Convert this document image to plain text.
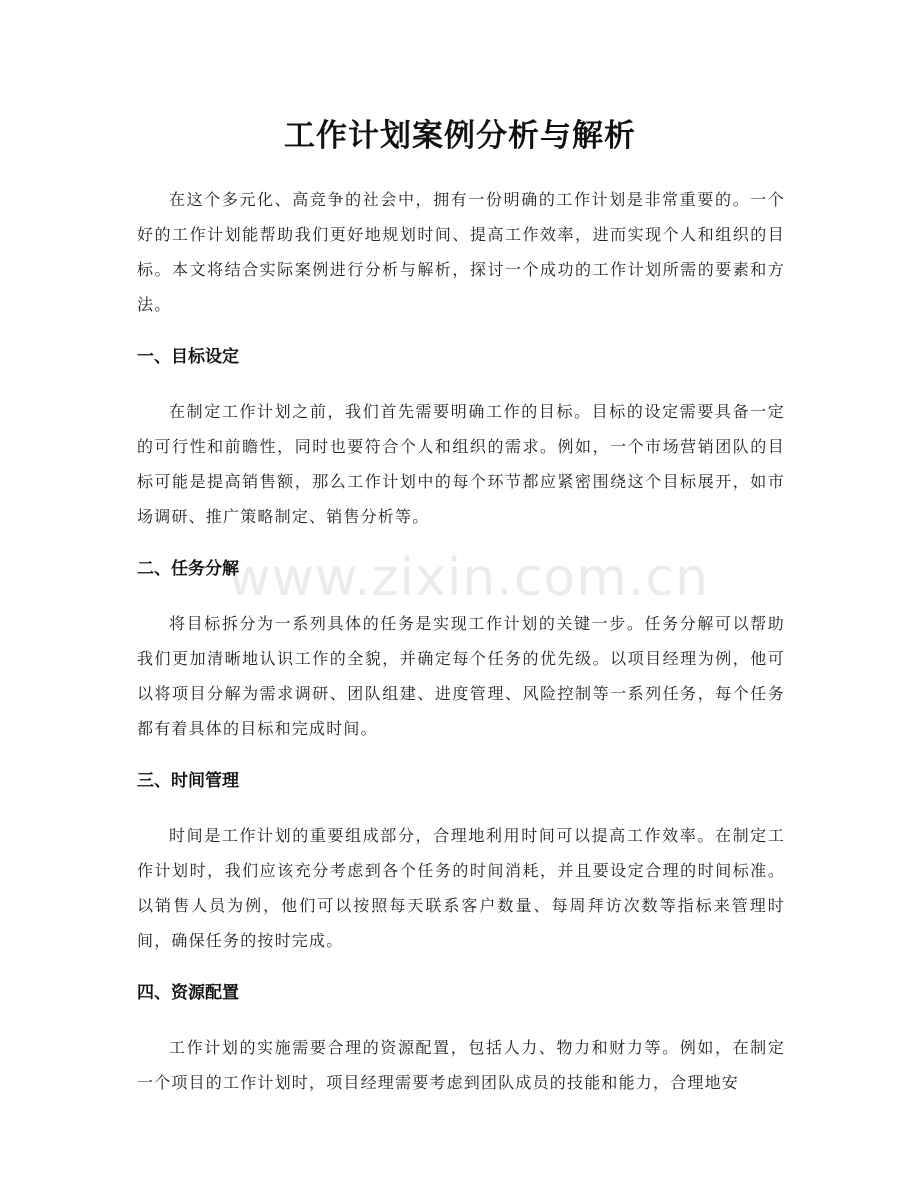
工作计划案例分析与解析

在这个多元化、高竞争的社会中，拥有一份明确的工作计划是非常重要的。一个好的工作计划能帮助我们更好地规划时间、提高工作效率，进而实现个人和组织的目标。本文将结合实际案例进行分析与解析，探讨一个成功的工作计划所需的要素和方法。

一、目标设定

在制定工作计划之前，我们首先需要明确工作的目标。目标的设定需要具备一定的可行性和前瞻性，同时也要符合个人和组织的需求。例如，一个市场营销团队的目标可能是提高销售额，那么工作计划中的每个环节都应紧密围绕这个目标展开，如市场调研、推广策略制定、销售分析等。

二、任务分解

将目标拆分为一系列具体的任务是实现工作计划的关键一步。任务分解可以帮助我们更加清晰地认识工作的全貌，并确定每个任务的优先级。以项目经理为例，他可以将项目分解为需求调研、团队组建、进度管理、风险控制等一系列任务，每个任务都有着具体的目标和完成时间。

三、时间管理

时间是工作计划的重要组成部分，合理地利用时间可以提高工作效率。在制定工作计划时，我们应该充分考虑到各个任务的时间消耗，并且要设定合理的时间标准。以销售人员为例，他们可以按照每天联系客户数量、每周拜访次数等指标来管理时间，确保任务的按时完成。

四、资源配置

工作计划的实施需要合理的资源配置，包括人力、物力和财力等。例如，在制定一个项目的工作计划时，项目经理需要考虑到团队成员的技能和能力，合理地安

www.zixin.com.cn
